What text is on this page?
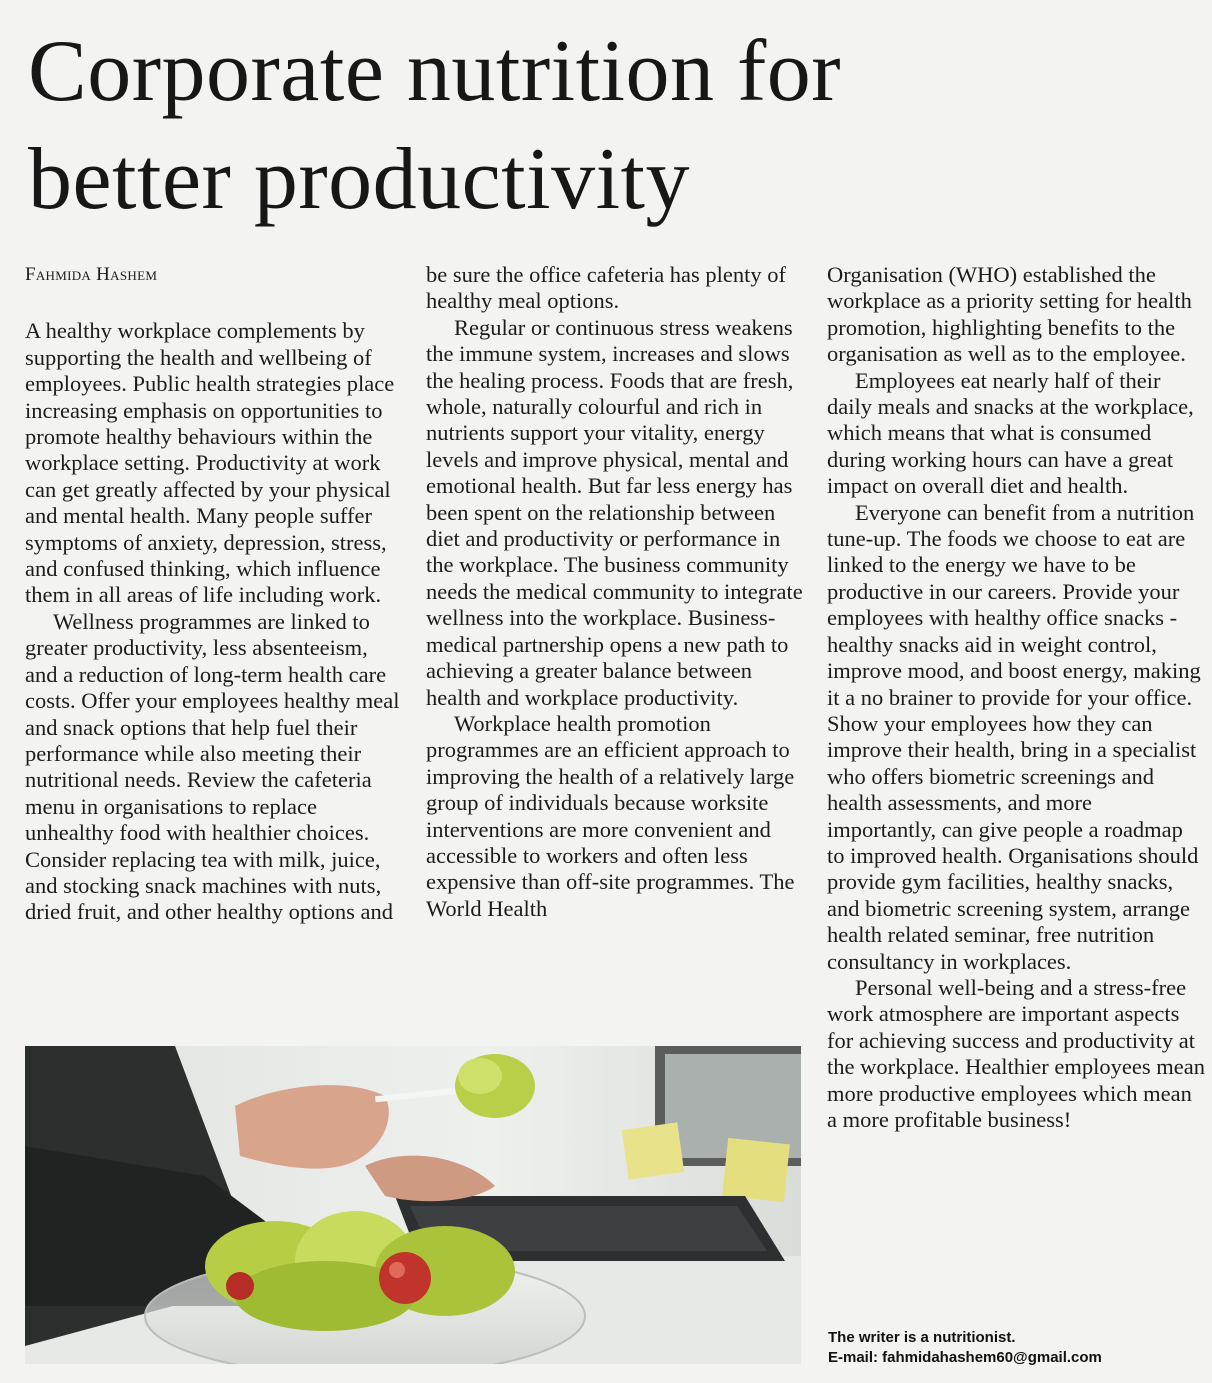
Corporate nutrition for
better productivity
Fahmida Hashem

A healthy workplace complements by supporting the health and wellbeing of employees. Public health strategies place increasing emphasis on opportunities to promote healthy behaviours within the workplace setting. Productivity at work can get greatly affected by your physical and mental health. Many people suffer symptoms of anxiety, depression, stress, and confused thinking, which influence them in all areas of life including work.

Wellness programmes are linked to greater productivity, less absenteeism, and a reduction of long-term health care costs. Offer your employees healthy meal and snack options that help fuel their performance while also meeting their nutritional needs. Review the cafeteria menu in organisations to replace unhealthy food with healthier choices. Consider replacing tea with milk, juice, and stocking snack machines with nuts, dried fruit, and other healthy options and

be sure the office cafeteria has plenty of healthy meal options.

Regular or continuous stress weakens the immune system, increases and slows the healing process. Foods that are fresh, whole, naturally colourful and rich in nutrients support your vitality, energy levels and improve physical, mental and emotional health. But far less energy has been spent on the relationship between diet and productivity or performance in the workplace. The business community needs the medical community to integrate wellness into the workplace. Business-medical partnership opens a new path to achieving a greater balance between health and workplace productivity.

Workplace health promotion programmes are an efficient approach to improving the health of a relatively large group of individuals because worksite interventions are more convenient and accessible to workers and often less expensive than off-site programmes. The World Health

Organisation (WHO) established the workplace as a priority setting for health promotion, highlighting benefits to the organisation as well as to the employee.

Employees eat nearly half of their daily meals and snacks at the workplace, which means that what is consumed during working hours can have a great impact on overall diet and health.

Everyone can benefit from a nutrition tune-up. The foods we choose to eat are linked to the energy we have to be productive in our careers. Provide your employees with healthy office snacks - healthy snacks aid in weight control, improve mood, and boost energy, making it a no brainer to provide for your office. Show your employees how they can improve their health, bring in a specialist who offers biometric screenings and health assessments, and more importantly, can give people a roadmap to improved health. Organisations should provide gym facilities, healthy snacks, and biometric screening system, arrange health related seminar, free nutrition consultancy in workplaces.

Personal well-being and a stress-free work atmosphere are important aspects for achieving success and productivity at the workplace. Healthier employees mean more productive employees which mean a more profitable business!

The writer is a nutritionist.
E-mail: fahmidahashem60@gmail.com
